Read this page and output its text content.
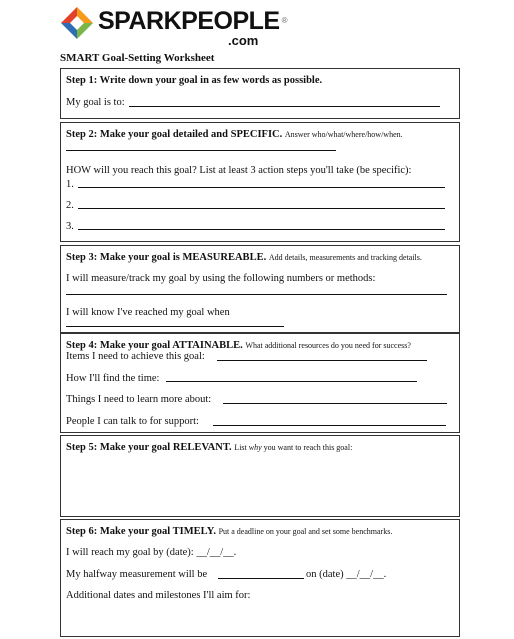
SPARKPEOPLE ®
.com
SMART Goal-Setting Worksheet
Step 1: Write down your goal in as few words as possible.
My goal is to:
Step 2: Make your goal detailed and SPECIFIC. Answer who/what/where/how/when.
HOW will you reach this goal? List at least 3 action steps you'll take (be specific):
1.
2.
3.
Step 3: Make your goal is MEASUREABLE. Add details, measurements and tracking details.
I will measure/track my goal by using the following numbers or methods:
I will know I've reached my goal when
Step 4: Make your goal ATTAINABLE. What additional resources do you need for success?
Items I need to achieve this goal:
How I'll find the time:
Things I need to learn more about:
People I can talk to for support:
Step 5: Make your goal RELEVANT. List why you want to reach this goal:
Step 6: Make your goal TIMELY. Put a deadline on your goal and set some benchmarks.
I will reach my goal by (date): __/__/__.
My halfway measurement will be	on (date) __/__/__.
Additional dates and milestones I'll aim for:
